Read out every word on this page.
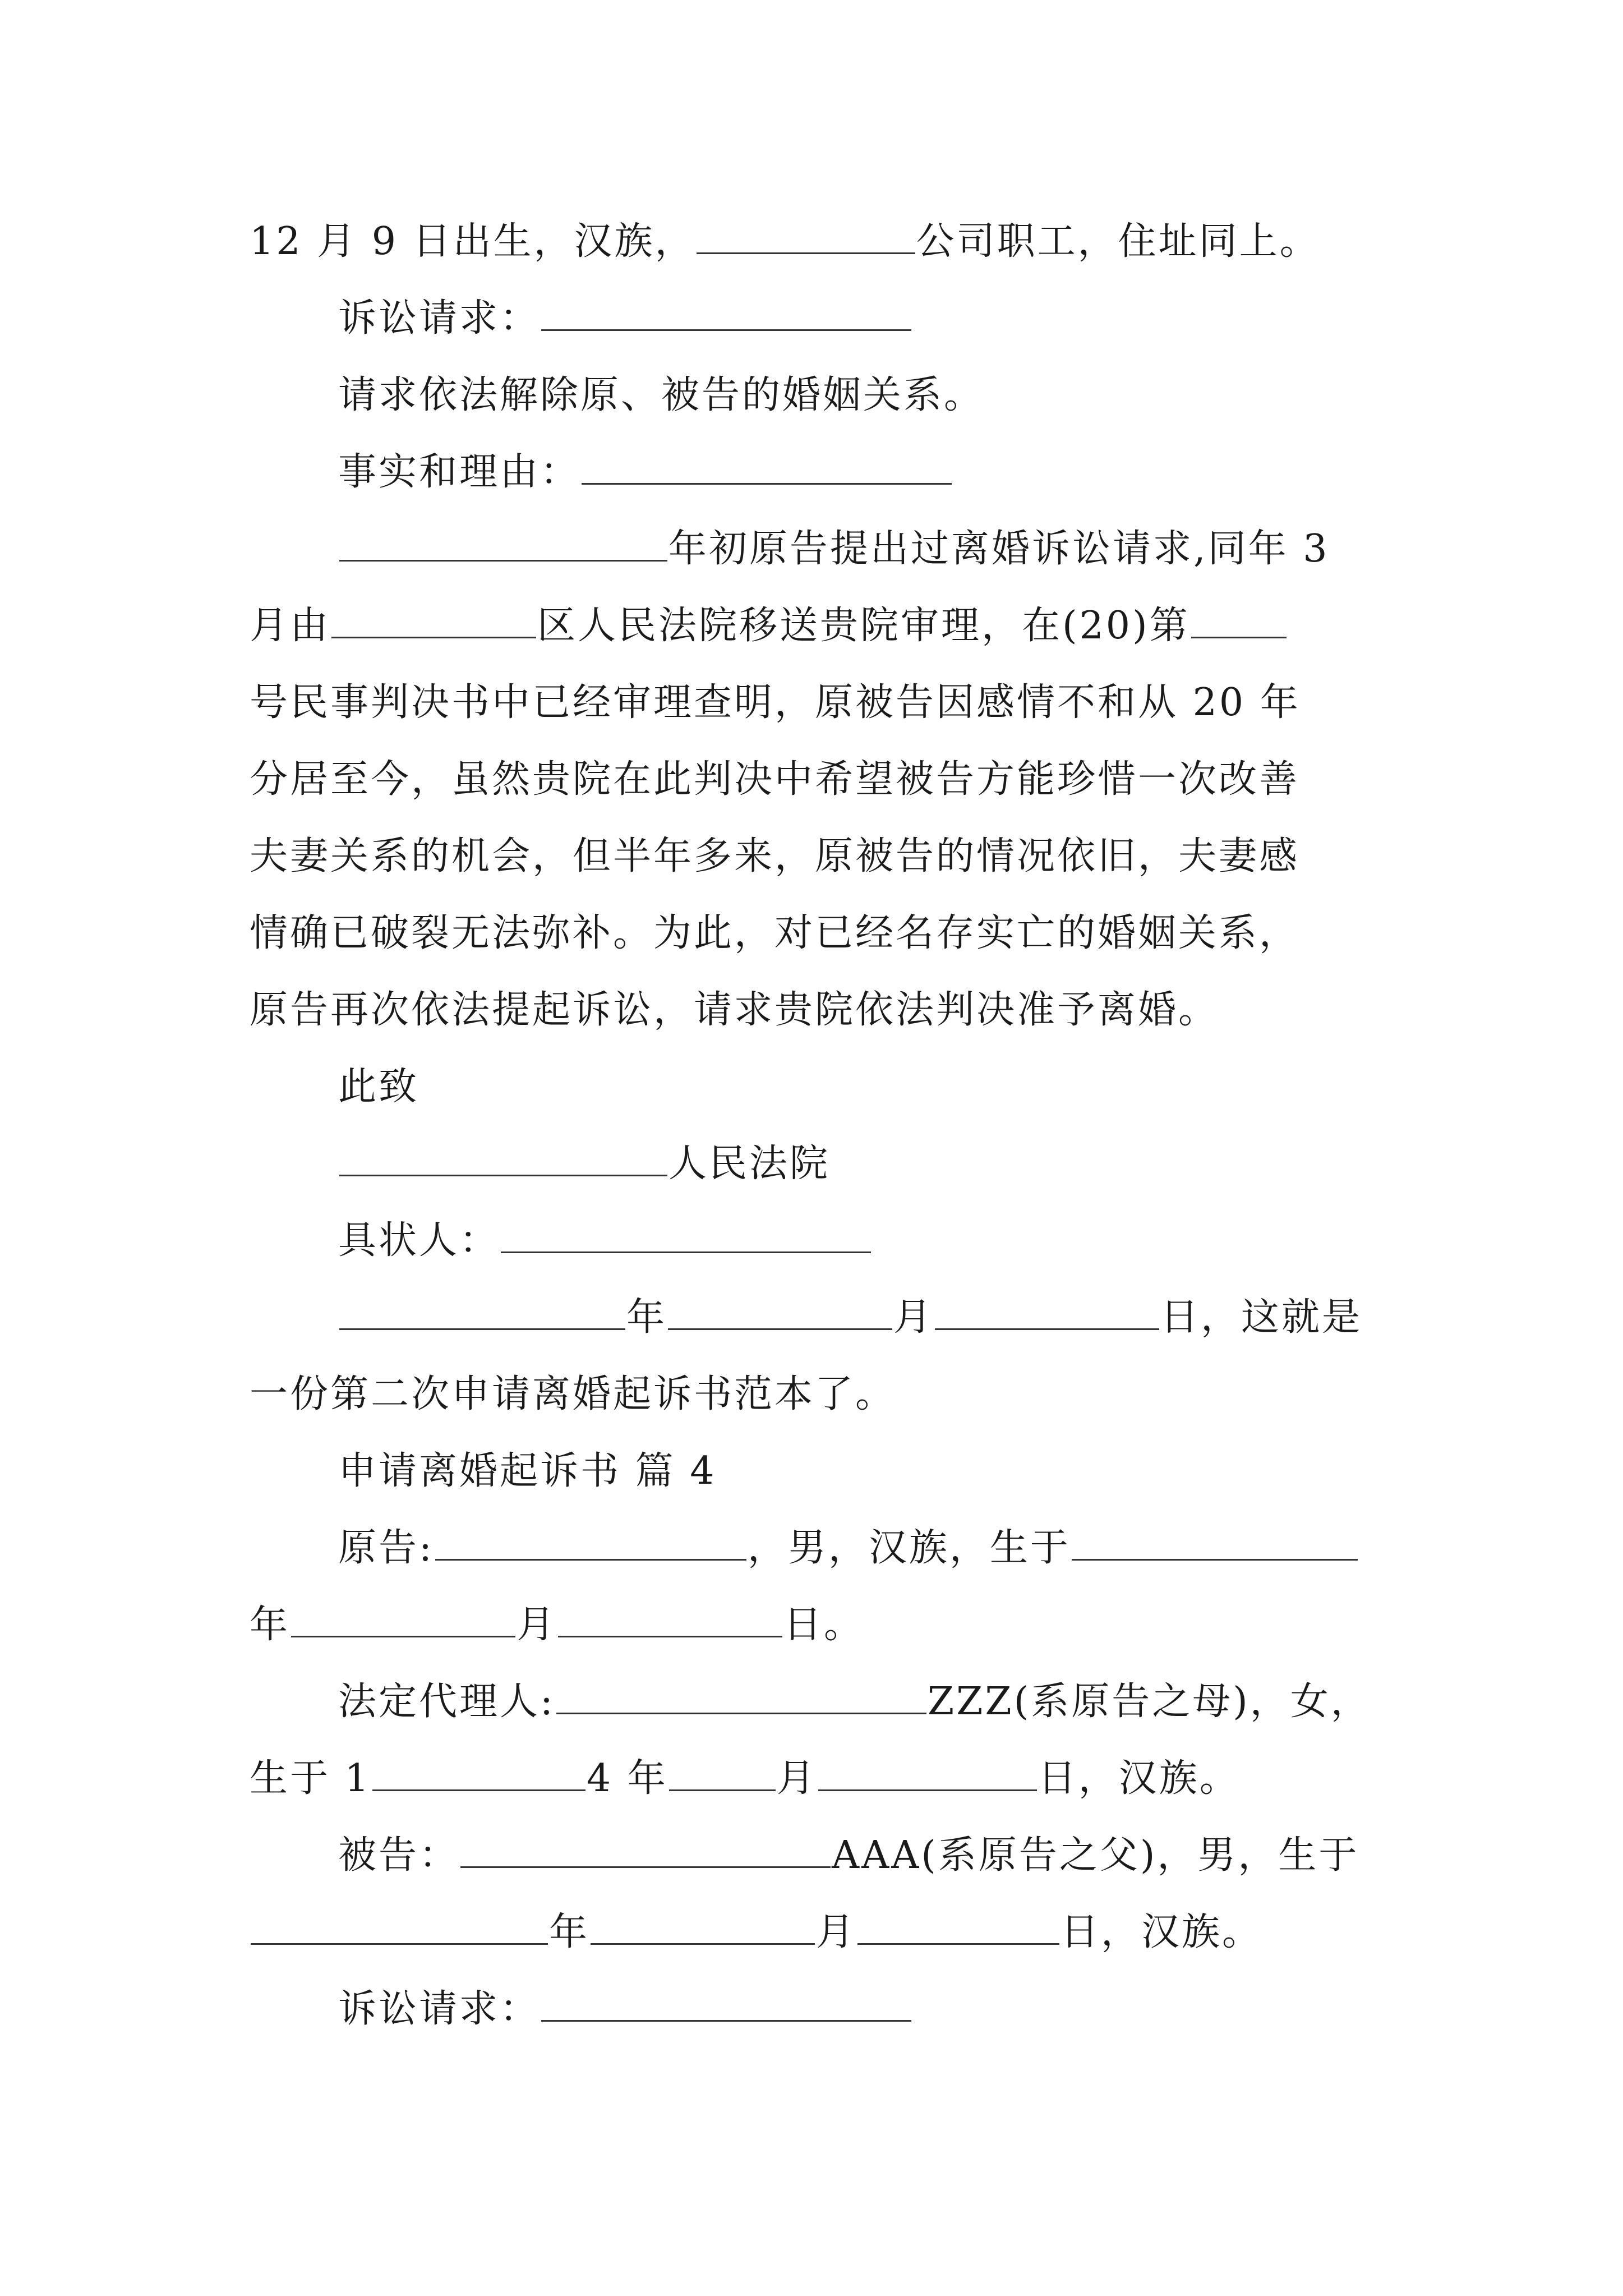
12 月 9 日出生，汉族，	公司职工，住址同上。
诉讼请求：
请求依法解除原、被告的婚姻关系。
事实和理由：
年初原告提出过离婚诉讼请求,同年 3
月由	区人民法院移送贵院审理，在(20)第
号民事判决书中已经审理查明，原被告因感情不和从 20 年
分居至今，虽然贵院在此判决中希望被告方能珍惜一次改善
夫妻关系的机会，但半年多来，原被告的情况依旧，夫妻感
情确已破裂无法弥补。为此，对已经名存实亡的婚姻关系，
原告再次依法提起诉讼，请求贵院依法判决准予离婚。
此致
人民法院
具状人：
年	月	日，这就是
一份第二次申请离婚起诉书范本了。
申请离婚起诉书 篇 4
原告:	，男，汉族，生于
年	月	日。
法定代理人:	ZZZ(系原告之母)，女，
生于 1	4 年	月	日，汉族。
被告：	AAA(系原告之父)，男，生于
年	月	日，汉族。
诉讼请求：
